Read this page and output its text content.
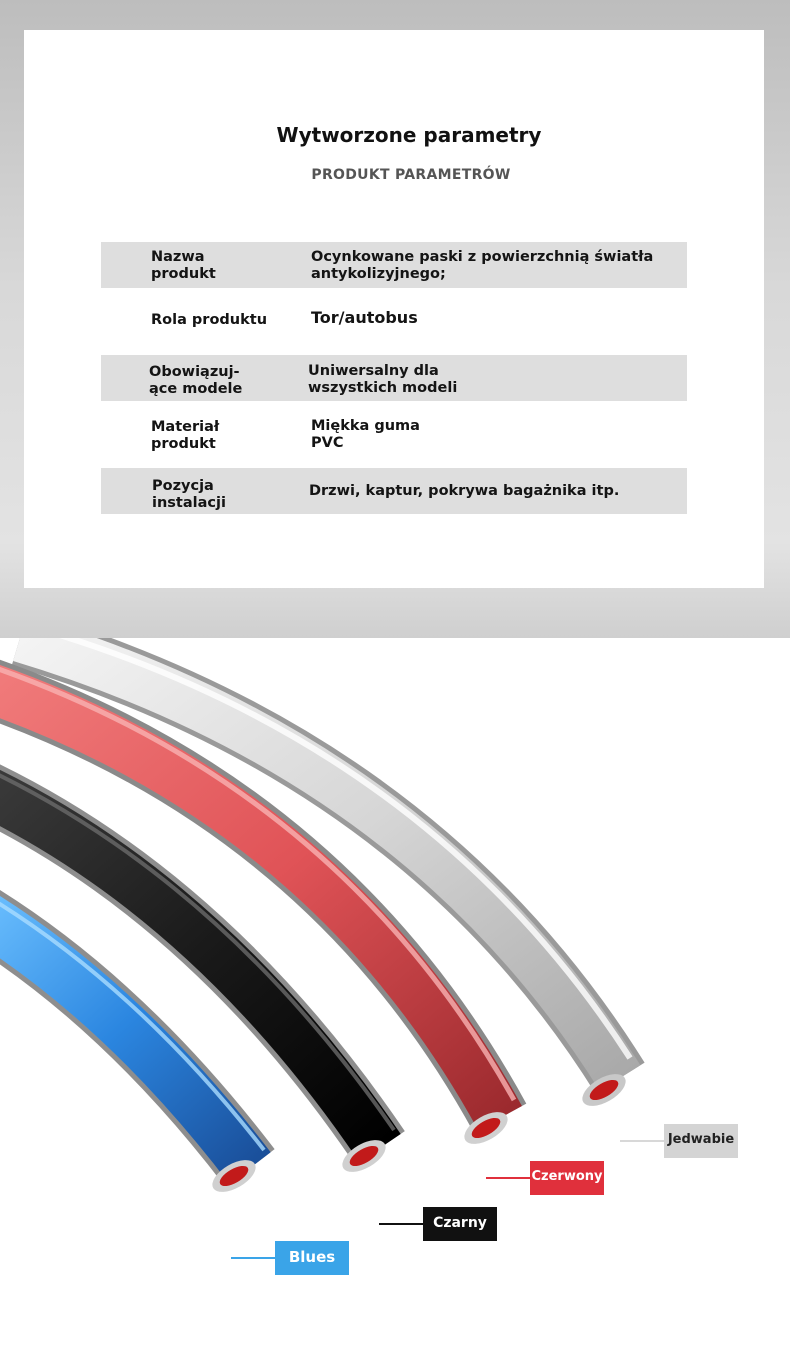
Wytworzone parametry
PRODUKT PARAMETRÓW
Nazwa
produkt
Ocynkowane paski z powierzchnią światła
antykolizyjnego;
Rola produktu	Tor/autobus
Obowiązuj-
ące modele
Uniwersalny dla
wszystkich modeli
Materiał
produkt
Miękka guma
PVC
Pozycja
instalacji
Drzwi, kaptur, pokrywa bagażnika itp.
Jedwabie
Czerwony
Czarny
Blues
